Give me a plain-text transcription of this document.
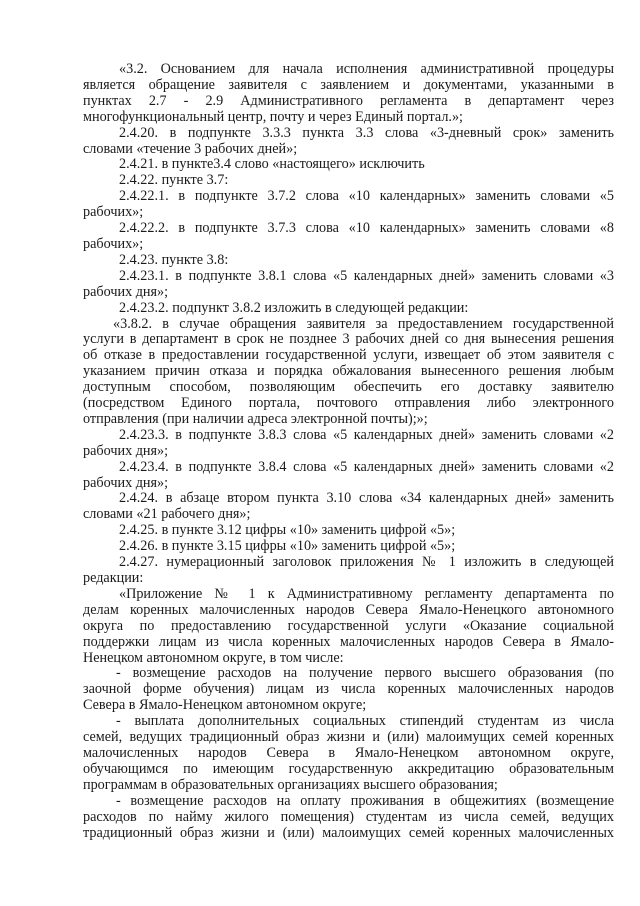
«3.2. Основанием для начала исполнения административной процедуры

является обращение заявителя с заявлением и документами, указанными в

пунктах 2.7 - 2.9 Административного регламента в департамент через

многофункциональный центр, почту и через Единый портал.»;

2.4.20. в подпункте 3.3.3 пункта 3.3 слова «3-дневный срок» заменить

словами «течение 3 рабочих дней»;

2.4.21. в пункте3.4 слово «настоящего» исключить

2.4.22. пункте 3.7:

2.4.22.1. в подпункте 3.7.2 слова «10 календарных» заменить словами «5

рабочих»;

2.4.22.2. в подпункте 3.7.3 слова «10 календарных» заменить словами «8

рабочих»;

2.4.23. пункте 3.8:

2.4.23.1. в подпункте 3.8.1 слова «5 календарных дней» заменить словами «3

рабочих дня»;

2.4.23.2. подпункт 3.8.2 изложить в следующей редакции:

«3.8.2. в случае обращения заявителя за предоставлением государственной

услуги в департамент в срок не позднее 3 рабочих дней со дня вынесения решения

об отказе в предоставлении государственной услуги, извещает об этом заявителя с

указанием причин отказа и порядка обжалования вынесенного решения любым

доступным способом, позволяющим обеспечить его доставку заявителю

(посредством Единого портала, почтового отправления либо электронного

отправления (при наличии адреса электронной почты);»;

2.4.23.3. в подпункте 3.8.3 слова «5 календарных дней» заменить словами «2

рабочих дня»;

2.4.23.4. в подпункте 3.8.4 слова «5 календарных дней» заменить словами «2

рабочих дня»;

2.4.24. в абзаце втором пункта 3.10 слова «34 календарных дней» заменить

словами «21 рабочего дня»;

2.4.25. в пункте 3.12 цифры «10» заменить цифрой «5»;

2.4.26. в пункте 3.15 цифры «10» заменить цифрой «5»;

2.4.27. нумерационный заголовок приложения № 1 изложить в следующей

редакции:

«Приложение № 1 к Административному регламенту департамента по

делам коренных малочисленных народов Севера Ямало-Ненецкого автономного

округа по предоставлению государственной услуги «Оказание социальной

поддержки лицам из числа коренных малочисленных народов Севера в Ямало-

Ненецком автономном округе, в том числе:

- возмещение расходов на получение первого высшего образования (по

заочной форме обучения) лицам из числа коренных малочисленных народов

Севера в Ямало-Ненецком автономном округе;

- выплата дополнительных социальных стипендий студентам из числа

семей, ведущих традиционный образ жизни и (или) малоимущих семей коренных

малочисленных народов Севера в Ямало-Ненецком автономном округе,

обучающимся по имеющим государственную аккредитацию образовательным

программам в образовательных организациях высшего образования;

- возмещение расходов на оплату проживания в общежитиях (возмещение

расходов по найму жилого помещения) студентам из числа семей, ведущих

традиционный образ жизни и (или) малоимущих семей коренных малочисленных
